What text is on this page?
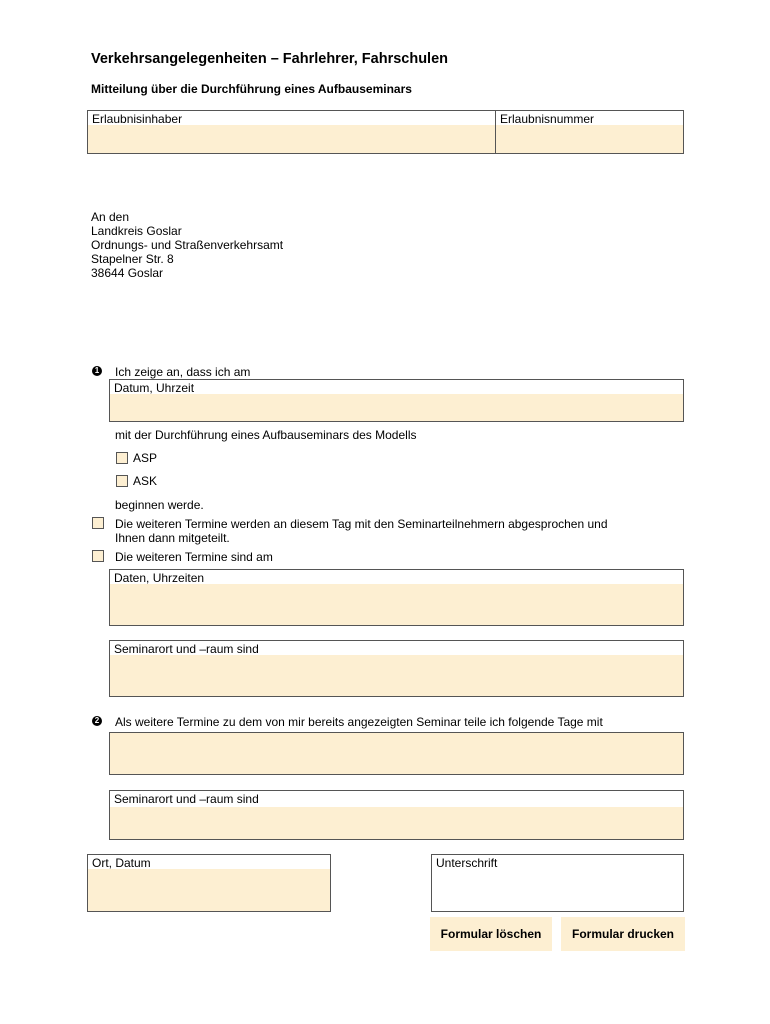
Verkehrsangelegenheiten – Fahrlehrer, Fahrschulen
Mitteilung über die Durchführung eines Aufbauseminars
Erlaubnisinhaber	Erlaubnisnummer
An den
Landkreis Goslar
Ordnungs- und Straßenverkehrsamt
Stapelner Str. 8
38644 Goslar
1 Ich zeige an, dass ich am
Datum, Uhrzeit
mit der Durchführung eines Aufbauseminars des Modells
ASP
ASK
beginnen werde.
Die weiteren Termine werden an diesem Tag mit den Seminarteilnehmern abgesprochen und
Ihnen dann mitgeteilt.
Die weiteren Termine sind am
Daten, Uhrzeiten
Seminarort und –raum sind
2 Als weitere Termine zu dem von mir bereits angezeigten Seminar teile ich folgende Tage mit
Seminarort und –raum sind
Ort, Datum	Unterschrift
Formular löschen	Formular drucken
